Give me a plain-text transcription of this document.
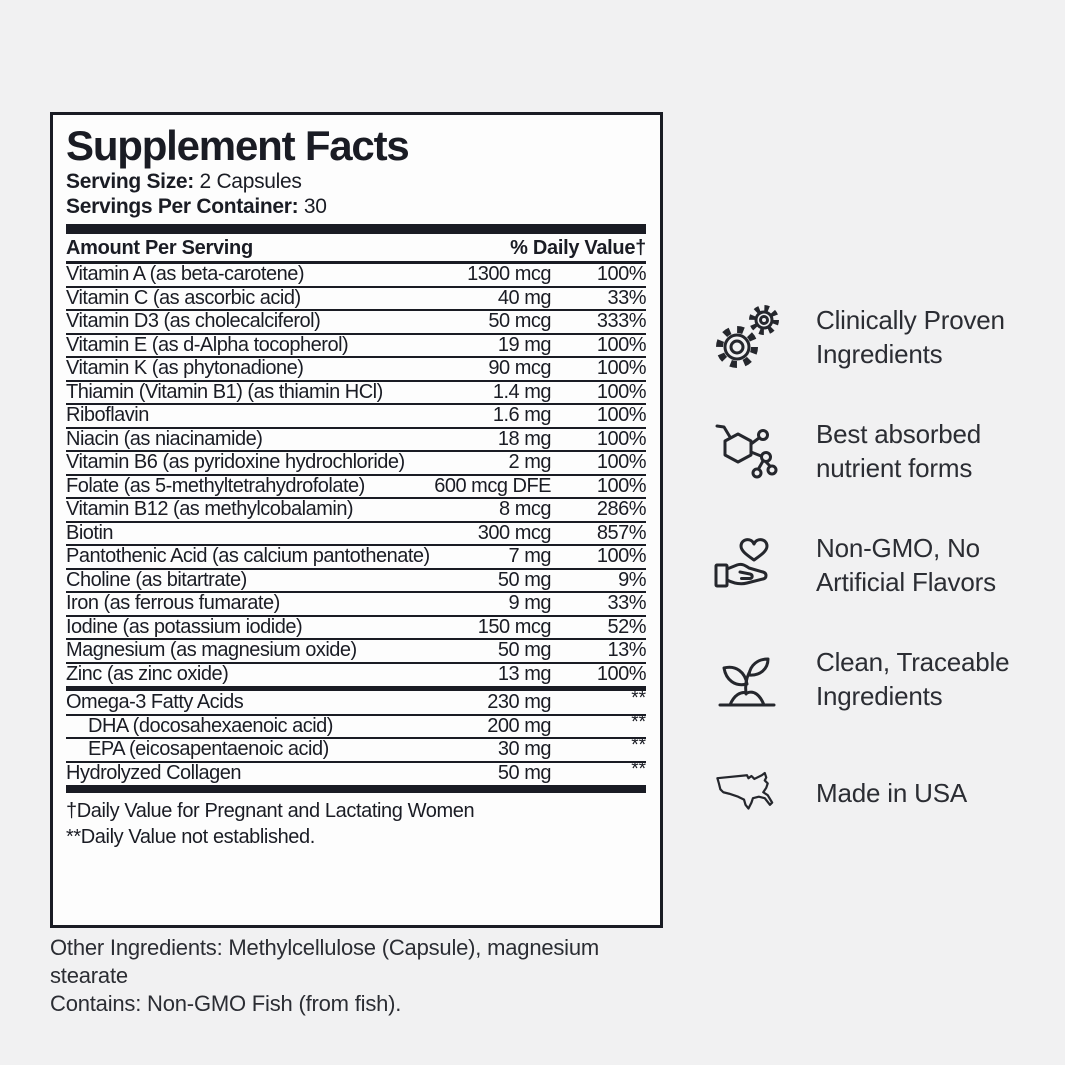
Supplement Facts
Serving Size: 2 Capsules
Servings Per Container: 30
Amount Per Serving	% Daily Value†
Vitamin A (as beta-carotene)	1300 mcg	100%
Vitamin C (as ascorbic acid)	40 mg	33%
Vitamin D3 (as cholecalciferol)	50 mcg	333%
Vitamin E (as d-Alpha tocopherol)	19 mg	100%
Vitamin K (as phytonadione)	90 mcg	100%
Thiamin (Vitamin B1) (as thiamin HCl)	1.4 mg	100%
Riboflavin	1.6 mg	100%
Niacin (as niacinamide)	18 mg	100%
Vitamin B6 (as pyridoxine hydrochloride)	2 mg	100%
Folate (as 5-methyltetrahydrofolate)	600 mcg DFE	100%
Vitamin B12 (as methylcobalamin)	8 mcg	286%
Biotin	300 mcg	857%
Pantothenic Acid (as calcium pantothenate)	7 mg	100%
Choline (as bitartrate)	50 mg	9%
Iron (as ferrous fumarate)	9 mg	33%
Iodine (as potassium iodide)	150 mcg	52%
Magnesium (as magnesium oxide)	50 mg	13%
Zinc (as zinc oxide)	13 mg	100%
Omega-3 Fatty Acids	230 mg	**
DHA (docosahexaenoic acid)	200 mg	**
EPA (eicosapentaenoic acid)	30 mg	**
Hydrolyzed Collagen	50 mg	**
†Daily Value for Pregnant and Lactating Women
**Daily Value not established.
Other Ingredients: Methylcellulose (Capsule), magnesium stearate
Contains: Non-GMO Fish (from fish).
Clinically Proven Ingredients
Best absorbed nutrient forms
Non-GMO, No Artificial Flavors
Clean, Traceable Ingredients
Made in USA
